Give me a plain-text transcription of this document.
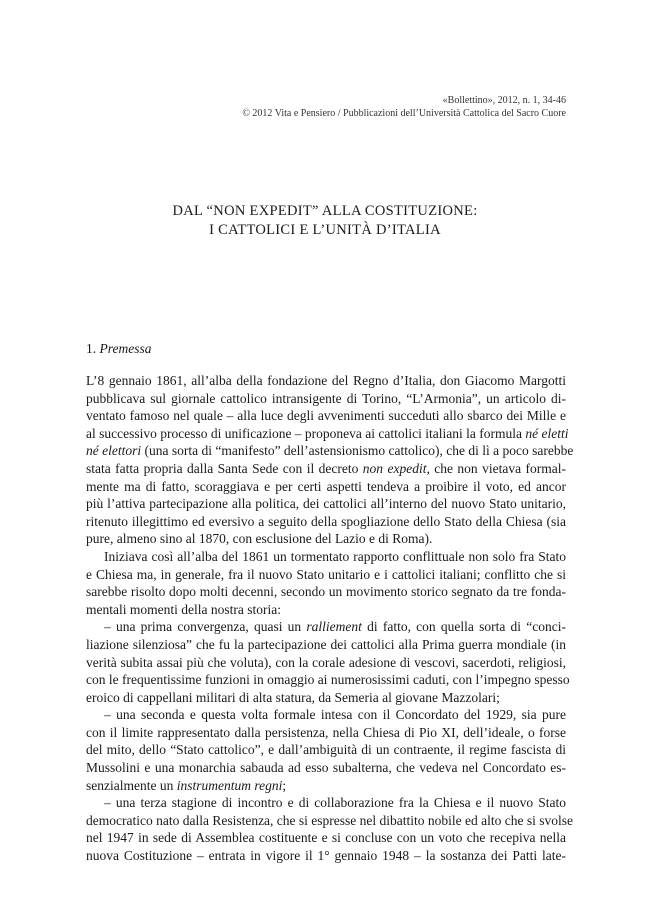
«Bollettino», 2012, n. 1, 34-46
© 2012 Vita e Pensiero / Pubblicazioni dell’Università Cattolica del Sacro Cuore
DAL “NON EXPEDIT” ALLA COSTITUZIONE:
I CATTOLICI E L’UNITÀ D’ITALIA
1. Premessa
L’8 gennaio 1861, all’alba della fondazione del Regno d’Italia, don Giacomo Margotti
pubblicava sul giornale cattolico intransigente di Torino, “L’Armonia”, un articolo di-
ventato famoso nel quale – alla luce degli avvenimenti succeduti allo sbarco dei Mille e
al successivo processo di unificazione – proponeva ai cattolici italiani la formula né eletti
né elettori (una sorta di “manifesto” dell’astensionismo cattolico), che di lì a poco sarebbe
stata fatta propria dalla Santa Sede con il decreto non expedit, che non vietava formal-
mente ma di fatto, scoraggiava e per certi aspetti tendeva a proibire il voto, ed ancor
più l’attiva partecipazione alla politica, dei cattolici all’interno del nuovo Stato unitario,
ritenuto illegittimo ed eversivo a seguito della spogliazione dello Stato della Chiesa (sia
pure, almeno sino al 1870, con esclusione del Lazio e di Roma).
Iniziava così all’alba del 1861 un tormentato rapporto conflittuale non solo fra Stato
e Chiesa ma, in generale, fra il nuovo Stato unitario e i cattolici italiani; conflitto che si
sarebbe risolto dopo molti decenni, secondo un movimento storico segnato da tre fonda-
mentali momenti della nostra storia:
– una prima convergenza, quasi un ralliement di fatto, con quella sorta di “conci-
liazione silenziosa” che fu la partecipazione dei cattolici alla Prima guerra mondiale (in
verità subita assai più che voluta), con la corale adesione di vescovi, sacerdoti, religiosi,
con le frequentissime funzioni in omaggio ai numerosissimi caduti, con l’impegno spesso
eroico di cappellani militari di alta statura, da Semeria al giovane Mazzolari;
– una seconda e questa volta formale intesa con il Concordato del 1929, sia pure
con il limite rappresentato dalla persistenza, nella Chiesa di Pio XI, dell’ideale, o forse
del mito, dello “Stato cattolico”, e dall’ambiguità di un contraente, il regime fascista di
Mussolini e una monarchia sabauda ad esso subalterna, che vedeva nel Concordato es-
senzialmente un instrumentum regni;
– una terza stagione di incontro e di collaborazione fra la Chiesa e il nuovo Stato
democratico nato dalla Resistenza, che si espresse nel dibattito nobile ed alto che si svolse
nel 1947 in sede di Assemblea costituente e si concluse con un voto che recepiva nella
nuova Costituzione – entrata in vigore il 1° gennaio 1948 – la sostanza dei Patti late-
